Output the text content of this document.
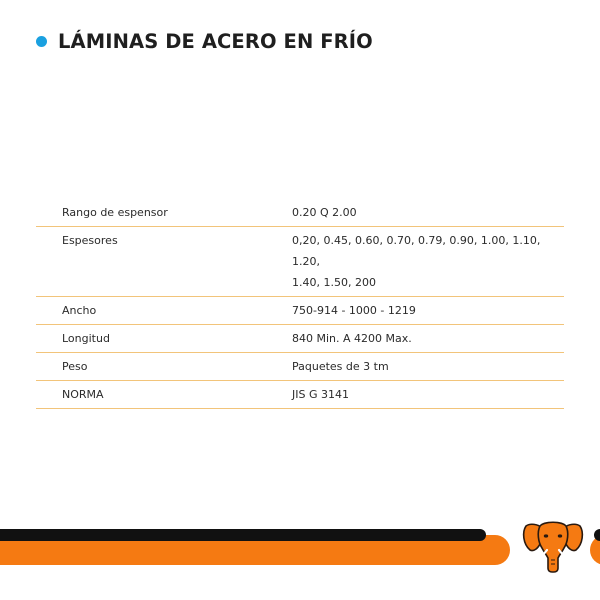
LÁMINAS DE ACERO EN FRÍO
Rango de espensor	0.20 Q 2.00

Espesores	0,20, 0.45, 0.60, 0.70, 0.79, 0.90, 1.00, 1.10, 1.20,
1.40, 1.50, 200

Ancho	750-914 - 1000 - 1219

Longitud	840 Min. A 4200 Max.

Peso	Paquetes de 3 tm

NORMA	JIS G 3141
